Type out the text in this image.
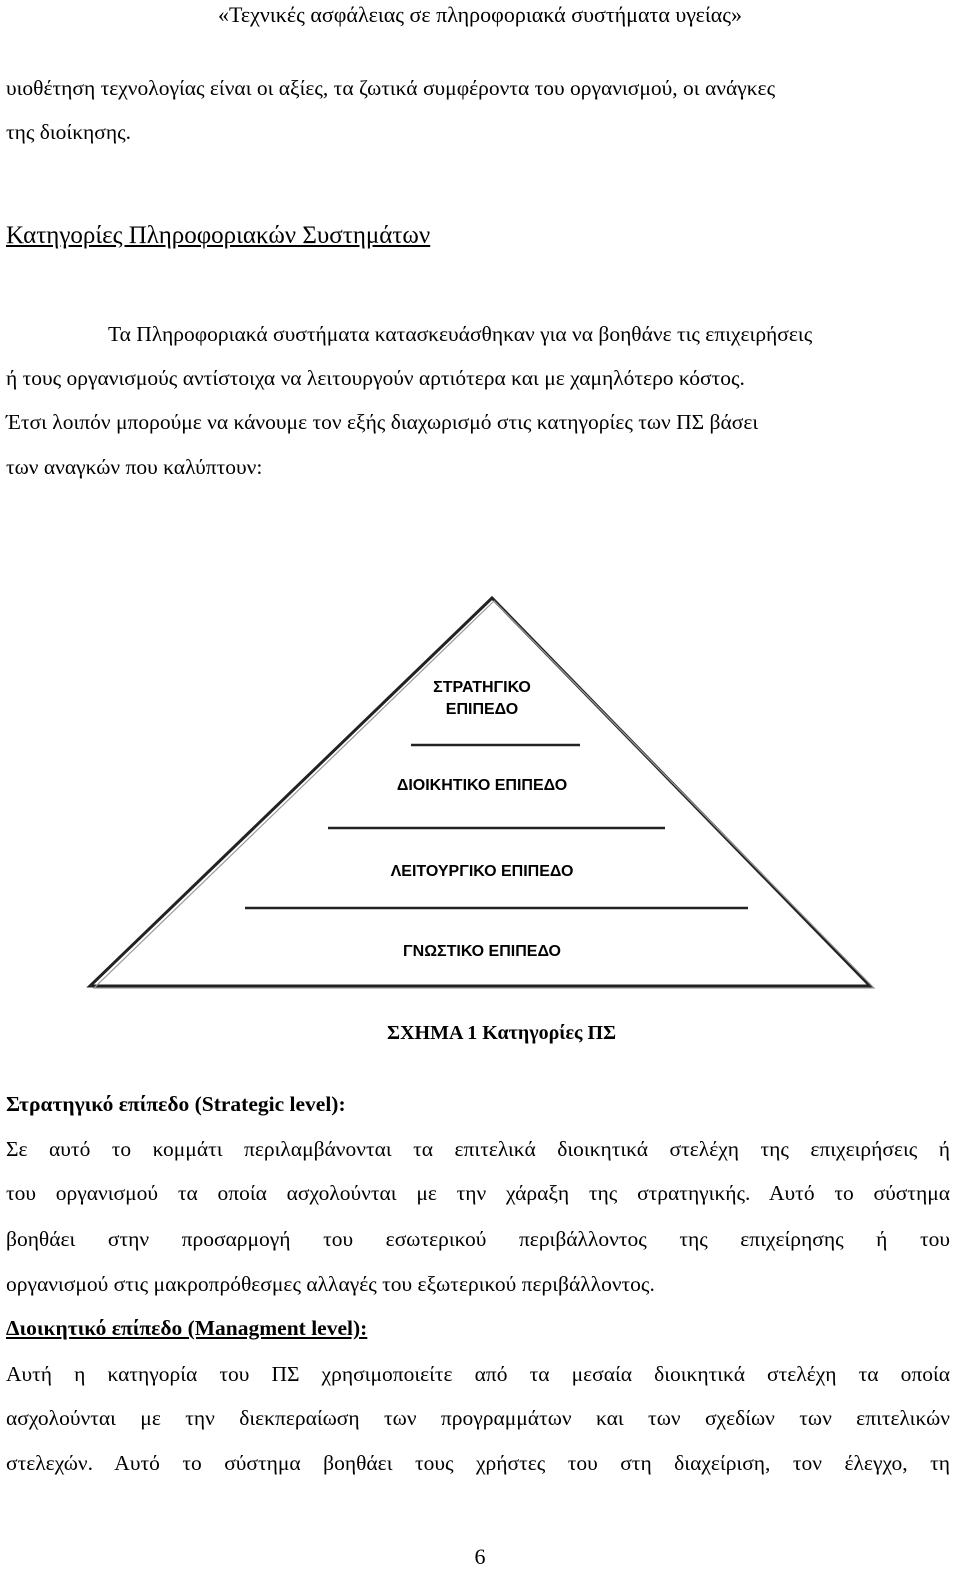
«Τεχνικές ασφάλειας σε πληροφοριακά συστήματα υγείας»
υιοθέτηση τεχνολογίας είναι οι αξίες, τα ζωτικά συμφέροντα του οργανισμού, οι ανάγκες
της διοίκησης.
Κατηγορίες Πληροφοριακών Συστημάτων
Τα Πληροφοριακά συστήματα κατασκευάσθηκαν για να βοηθάνε τις επιχειρήσεις
ή τους οργανισμούς αντίστοιχα να λειτουργούν αρτιότερα και με χαμηλότερο κόστος.
Έτσι λοιπόν μπορούμε να κάνουμε τον εξής διαχωρισμό στις κατηγορίες των ΠΣ βάσει
των αναγκών που καλύπτουν:
ΣΤΡΑΤΗΓΙΚΟ
ΕΠΙΠΕΔΟ
ΔΙΟΙΚΗΤΙΚΟ ΕΠΙΠΕΔΟ
ΛΕΙΤΟΥΡΓΙΚΟ ΕΠΙΠΕΔΟ
ΓΝΩΣΤΙΚΟ ΕΠΙΠΕΔΟ
ΣΧΗΜΑ 1 Κατηγορίες ΠΣ
Στρατηγικό επίπεδο (Strategic level):
Σε αυτό το κομμάτι περιλαμβάνονται τα επιτελικά διοικητικά στελέχη της επιχειρήσεις ή
του οργανισμού τα οποία ασχολούνται με την χάραξη της στρατηγικής. Αυτό το σύστημα
βοηθάει στην προσαρμογή του εσωτερικού περιβάλλοντος της επιχείρησης ή του
οργανισμού στις μακροπρόθεσμες αλλαγές του εξωτερικού περιβάλλοντος.
Διοικητικό επίπεδο (Managment level):
Αυτή η κατηγορία του ΠΣ χρησιμοποιείτε από τα μεσαία διοικητικά στελέχη τα οποία
ασχολούνται με την διεκπεραίωση των προγραμμάτων και των σχεδίων των επιτελικών
στελεχών. Αυτό το σύστημα βοηθάει τους χρήστες του στη διαχείριση, τον έλεγχο, τη
6
